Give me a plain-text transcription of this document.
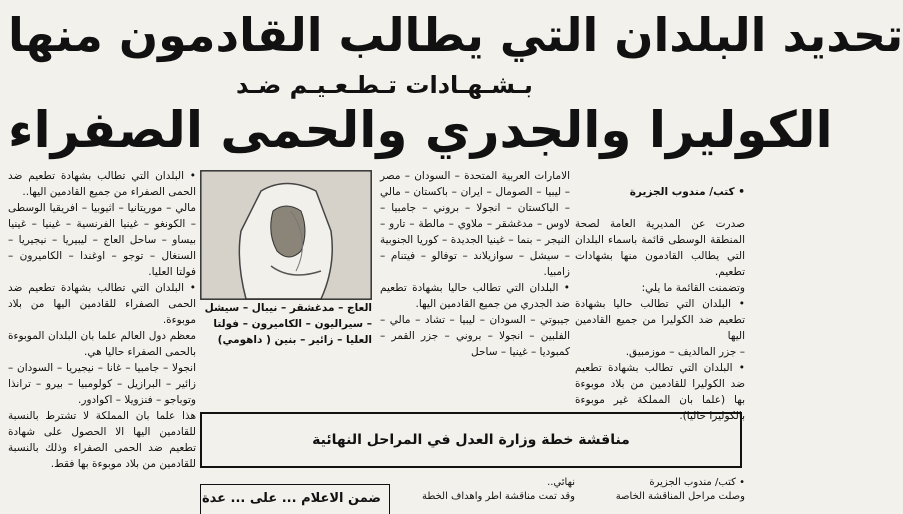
تحديد البلدان التي يطالب القادمون منها
بـشـهـادات تـطـعـيـم ضـد
الكوليرا والجدري والحمى الصفراء

• كتب/ مندوب الجزيرة

صدرت عن المديرية العامة لصحة المنطقة الوسطى قائمة باسماء البلدان التي يطالب القادمون منها بشهادات تطعيم.
وتضمنت القائمة ما يلي:
• البلدان التي تطالب حاليا بشهادة تطعيم ضد الكوليرا من جميع القادمين اليها
– جزر المالديف – موزمبيق.
• البلدان التي تطالب بشهادة تطعيم ضد الكوليرا للقادمين من بلاد موبوءة بها (علما بان المملكة غير موبوءة بالكوليرا حاليا).

الامارات العربية المتحدة – السودان – مصر – ليبيا – الصومال – ايران – باكستان – مالي – الباكستان – انجولا – بروني – جامبيا – لاوس – مدغشقر – ملاوي – مالطة – تارو – النيجر – بنما – غينيا الجديدة – كوريا الجنوبية – سيشل – سوازيلاند – توفالو – فيتنام – زامبيا.
• البلدان التي تطالب حاليا بشهادة تطعيم ضد الجدري من جميع القادمين اليها.
جيبوتي – السودان – ليبيا – تشاد – مالي – الفلبين – انجولا – بروني – جزر القمر – كمبوديا – غينيا – ساحل
العاج – مدغشقر – نيبال – سيشل – سيراليون – الكاميرون – فولتا العليا – زائير – بنين ( داهومي)
• البلدان التي تطالب بشهادة تطعيم ضد الحمى الصفراء من جميع القادمين اليها..
مالي – موريتانيا – اثيوبيا – افريقيا الوسطى – الكونغو – غينيا الفرنسية – غينيا – غينيا بيساو – ساحل العاج – ليبيريا – نيجيريا – السنغال – توجو – اوغندا – الكاميرون – فولتا العليا.
• البلدان التي تطالب بشهادة تطعيم ضد الحمى الصفراء للقادمين اليها من بلاد موبوءة.
معظم دول العالم علما بان البلدان الموبوءة بالحمى الصفراء حاليا هي.
انجولا – جامبيا – غانا – نيجيريا – السودان – زائير – البرازيل – كولومبيا – بيرو – ترانذا وتوباجو – فنزويلا – اكوادور.
هذا علما بان المملكة لا تشترط بالنسبة للقادمين اليها الا الحصول على شهادة تطعيم ضد الحمى الصفراء وذلك بالنسبة للقادمين من بلاد موبوءة بها فقط.
مناقشة خطة وزارة العدل في المراحل النهائية
• كتب/ مندوب الجزيرة
وصلت مراحل المناقشة الخاصة
نهائي..
وقد تمت مناقشة اطر واهداف الخطة
ضمن الاعلام ... على ... عدة
